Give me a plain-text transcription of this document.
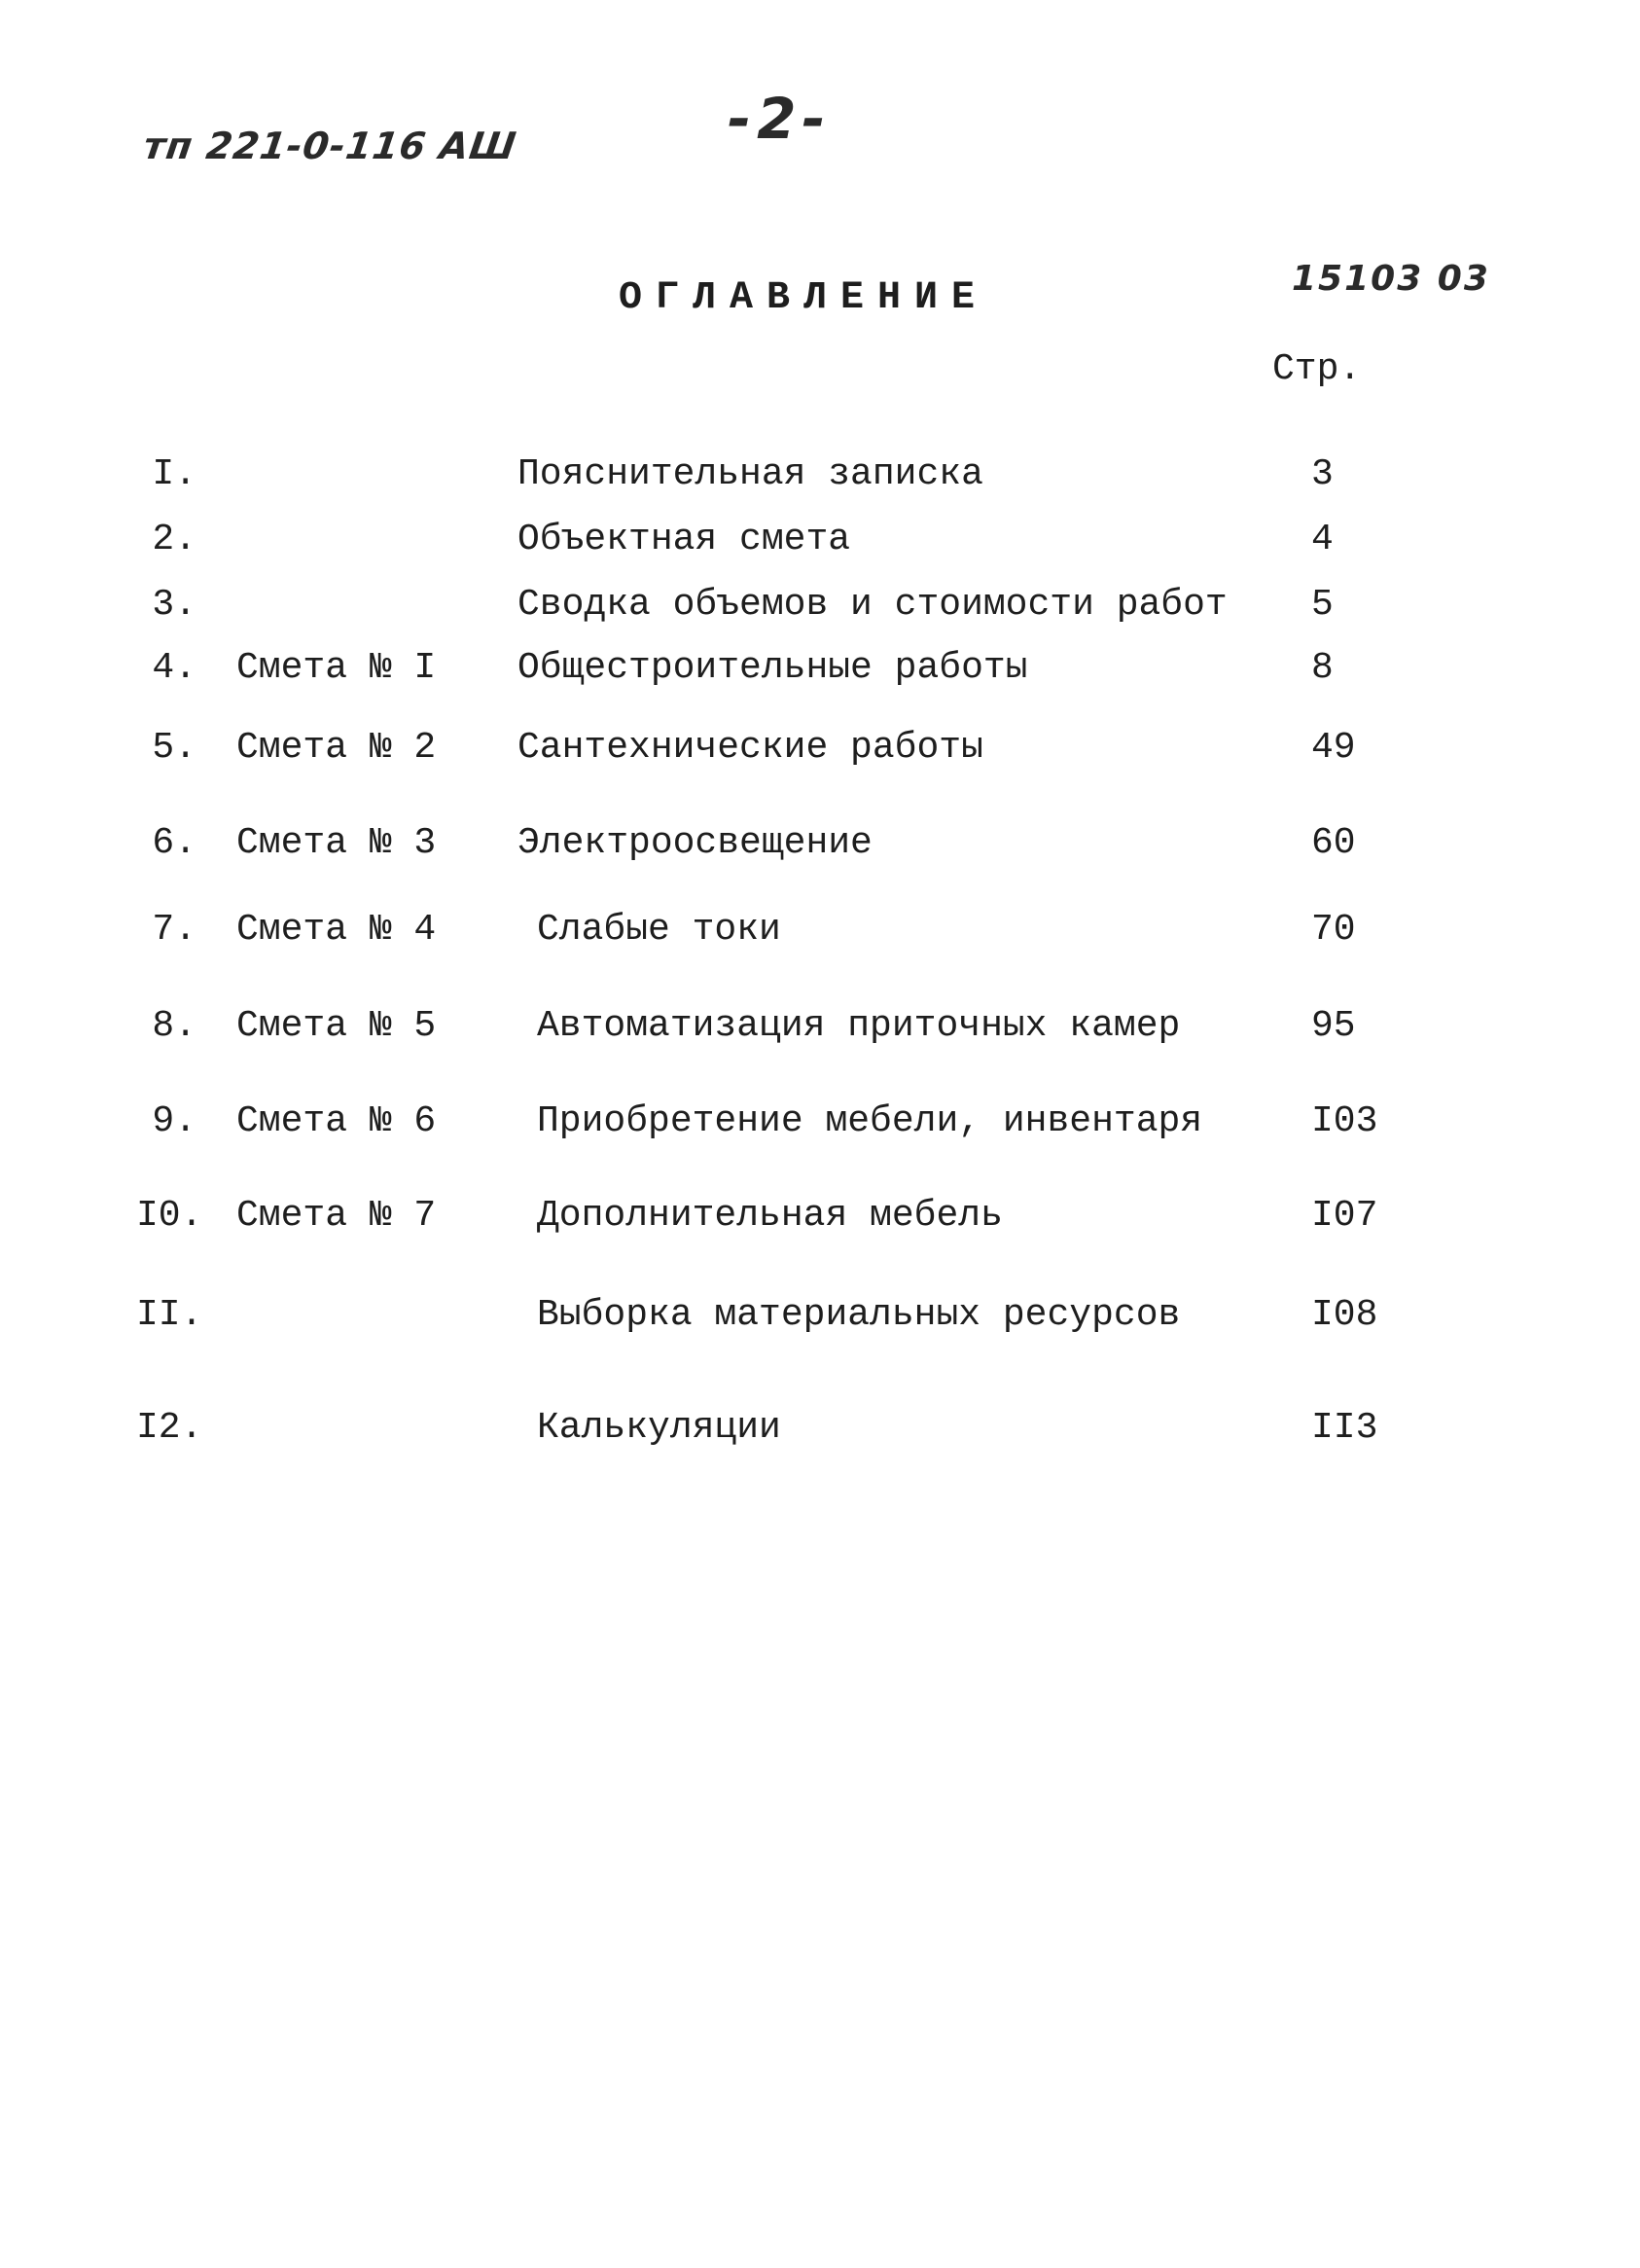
тп 221-0-116 АШ	-2-
15103 03
ОГЛАВЛЕНИЕ
Стр.
I.	Пояснительная записка	3
2.	Объектная смета	4
3.	Сводка объемов и стоимости работ 5
4. Смета № I Общестроительные работы	8
5. Смета № 2 Сантехнические работы	49
6. Смета № 3 Электроосвещение	60
7. Смета № 4	Слабые токи	70
8. Смета № 5	Автоматизация приточных камер	95
9. Смета № 6	Приобретение мебели, инвентаря	I03
I0. Смета № 7	Дополнительная мебель	I07
II.	Выборка материальных ресурсов	I08
I2.	Калькуляции	II3
